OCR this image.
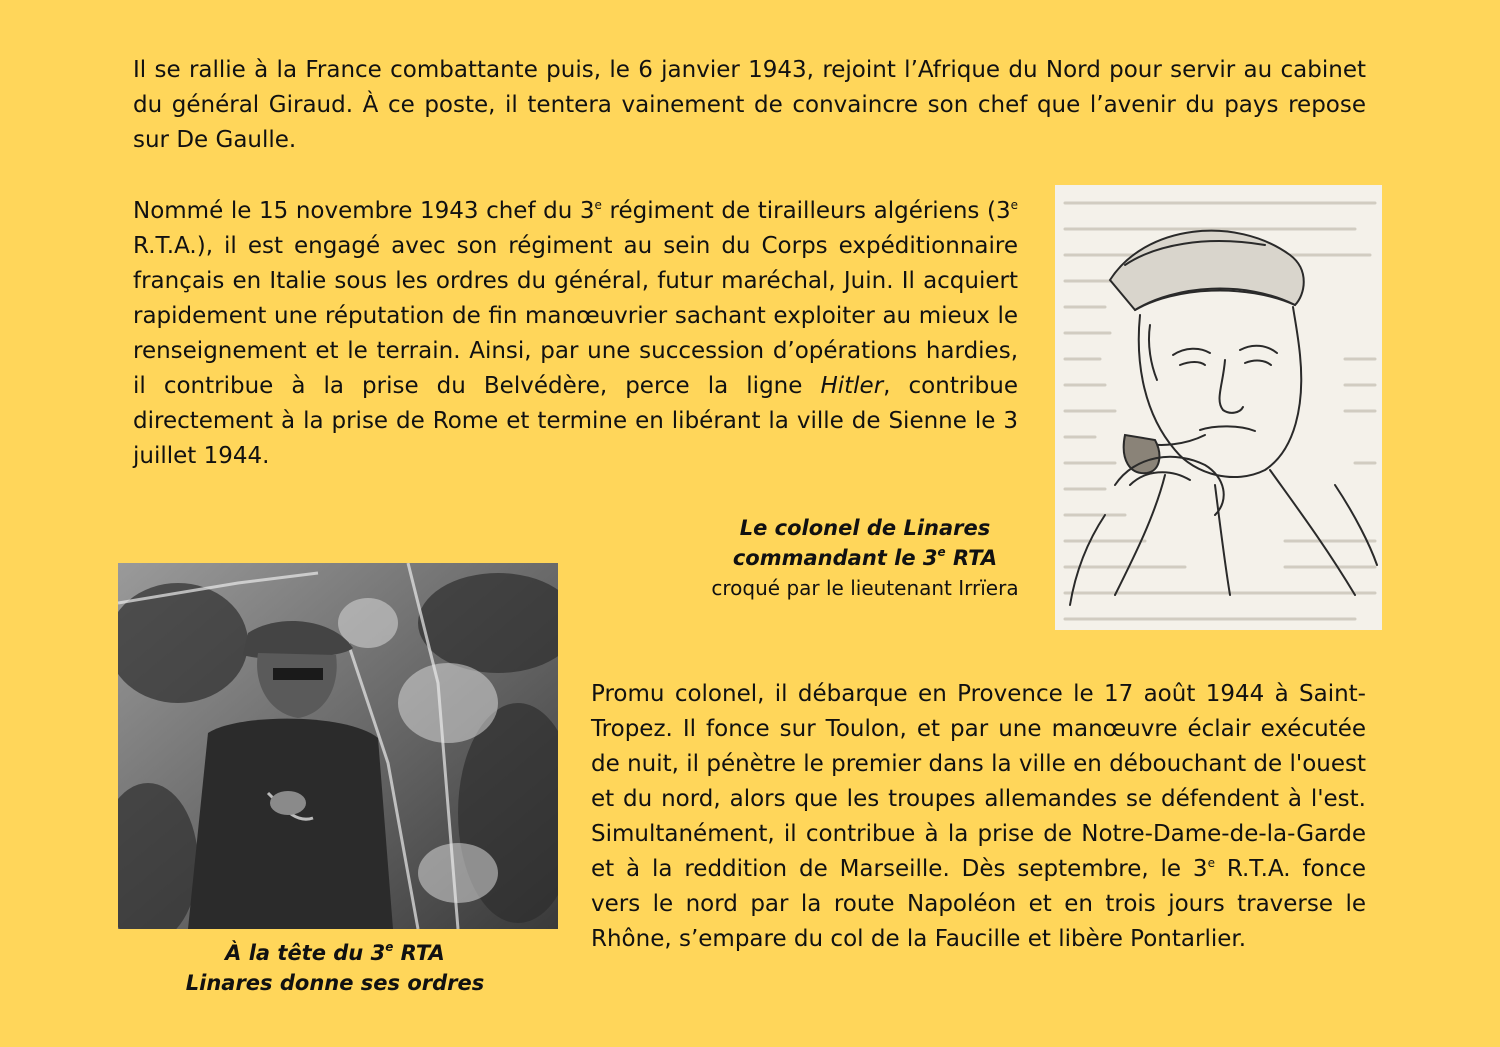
Il se rallie à la France combattante puis, le 6 janvier 1943, rejoint l’Afrique du Nord pour servir au cabinet du général Giraud. À ce poste, il tentera vainement de convaincre son chef que l’avenir du pays repose sur De Gaulle.

Nommé le 15 novembre 1943 chef du 3e régiment de tirailleurs algériens (3e R.T.A.), il est engagé avec son régiment au sein du Corps expéditionnaire français en Italie sous les ordres du général, futur maréchal, Juin. Il acquiert rapidement une réputation de fin manœuvrier sachant exploiter au mieux le renseignement et le terrain. Ainsi, par une succession d’opérations hardies, il contribue à la prise du Belvédère, perce la ligne Hitler, contribue directement à la prise de Rome et termine en libérant la ville de Sienne le 3 juillet 1944.

Le colonel de Linares
commandant le 3e RTA
croqué par le lieutenant Irrïera
À la tête du 3e RTA
Linares donne ses ordres

Promu colonel, il débarque en Provence le 17 août 1944 à Saint-Tropez. Il fonce sur Toulon, et par une manœuvre éclair exécutée de nuit, il pénètre le premier dans la ville en débouchant de l'ouest et du nord, alors que les troupes allemandes se défendent à l'est. Simultanément, il contribue à la prise de Notre-Dame-de-la-Garde et à la reddition de Marseille. Dès septembre, le 3e R.T.A. fonce vers le nord par la route Napoléon et en trois jours traverse le Rhône, s’empare du col de la Faucille et libère Pontarlier.
